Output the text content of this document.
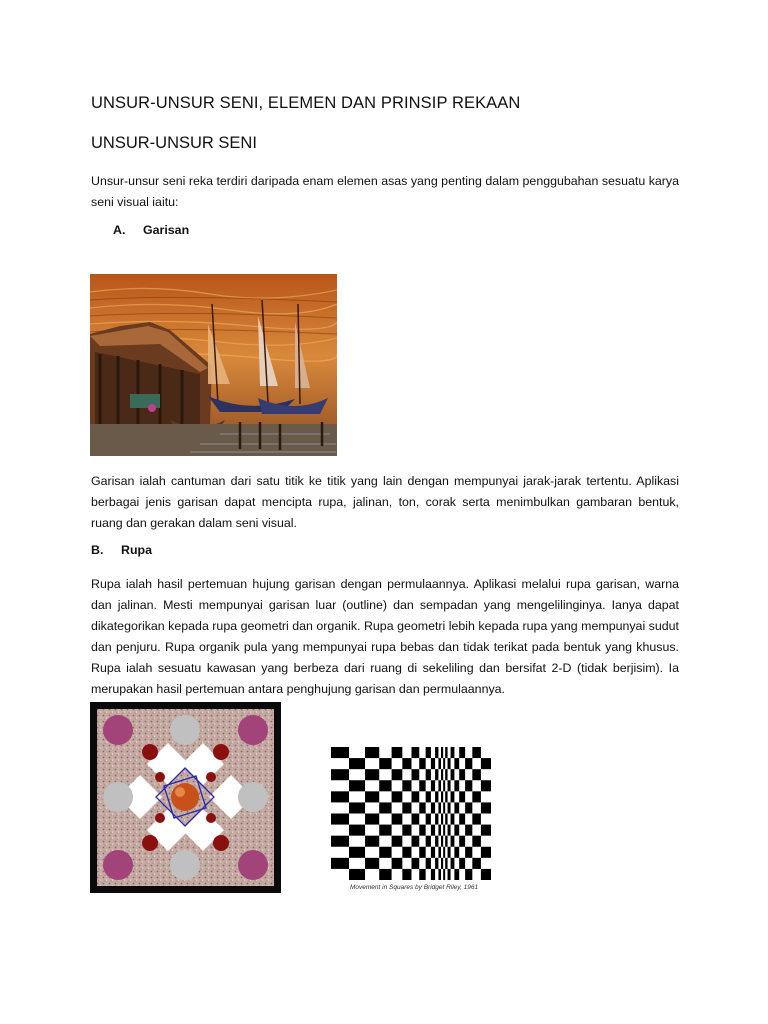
UNSUR-UNSUR SENI, ELEMEN DAN PRINSIP REKAAN
UNSUR-UNSUR SENI
Unsur-unsur seni reka terdiri daripada enam elemen asas yang penting dalam penggubahan sesuatu karya seni visual iaitu:
A. Garisan
Garisan ialah cantuman dari satu titik ke titik yang lain dengan mempunyai jarak-jarak tertentu. Aplikasi berbagai jenis garisan dapat mencipta rupa, jalinan, ton, corak serta menimbulkan gambaran bentuk, ruang dan gerakan dalam seni visual.
B. Rupa
Rupa ialah hasil pertemuan hujung garisan dengan permulaannya. Aplikasi melalui rupa garisan, warna dan jalinan. Mesti mempunyai garisan luar (outline) dan sempadan yang mengelilinginya. Ianya dapat dikategorikan kepada rupa geometri dan organik. Rupa geometri lebih kepada rupa yang mempunyai sudut dan penjuru. Rupa organik pula yang mempunyai rupa bebas dan tidak terikat pada bentuk yang khusus. Rupa ialah sesuatu kawasan yang berbeza dari ruang di sekeliling dan bersifat 2-D (tidak berjisim). Ia merupakan hasil pertemuan antara penghujung garisan dan permulaannya.
Movement in Squares by Bridget Riley, 1961
